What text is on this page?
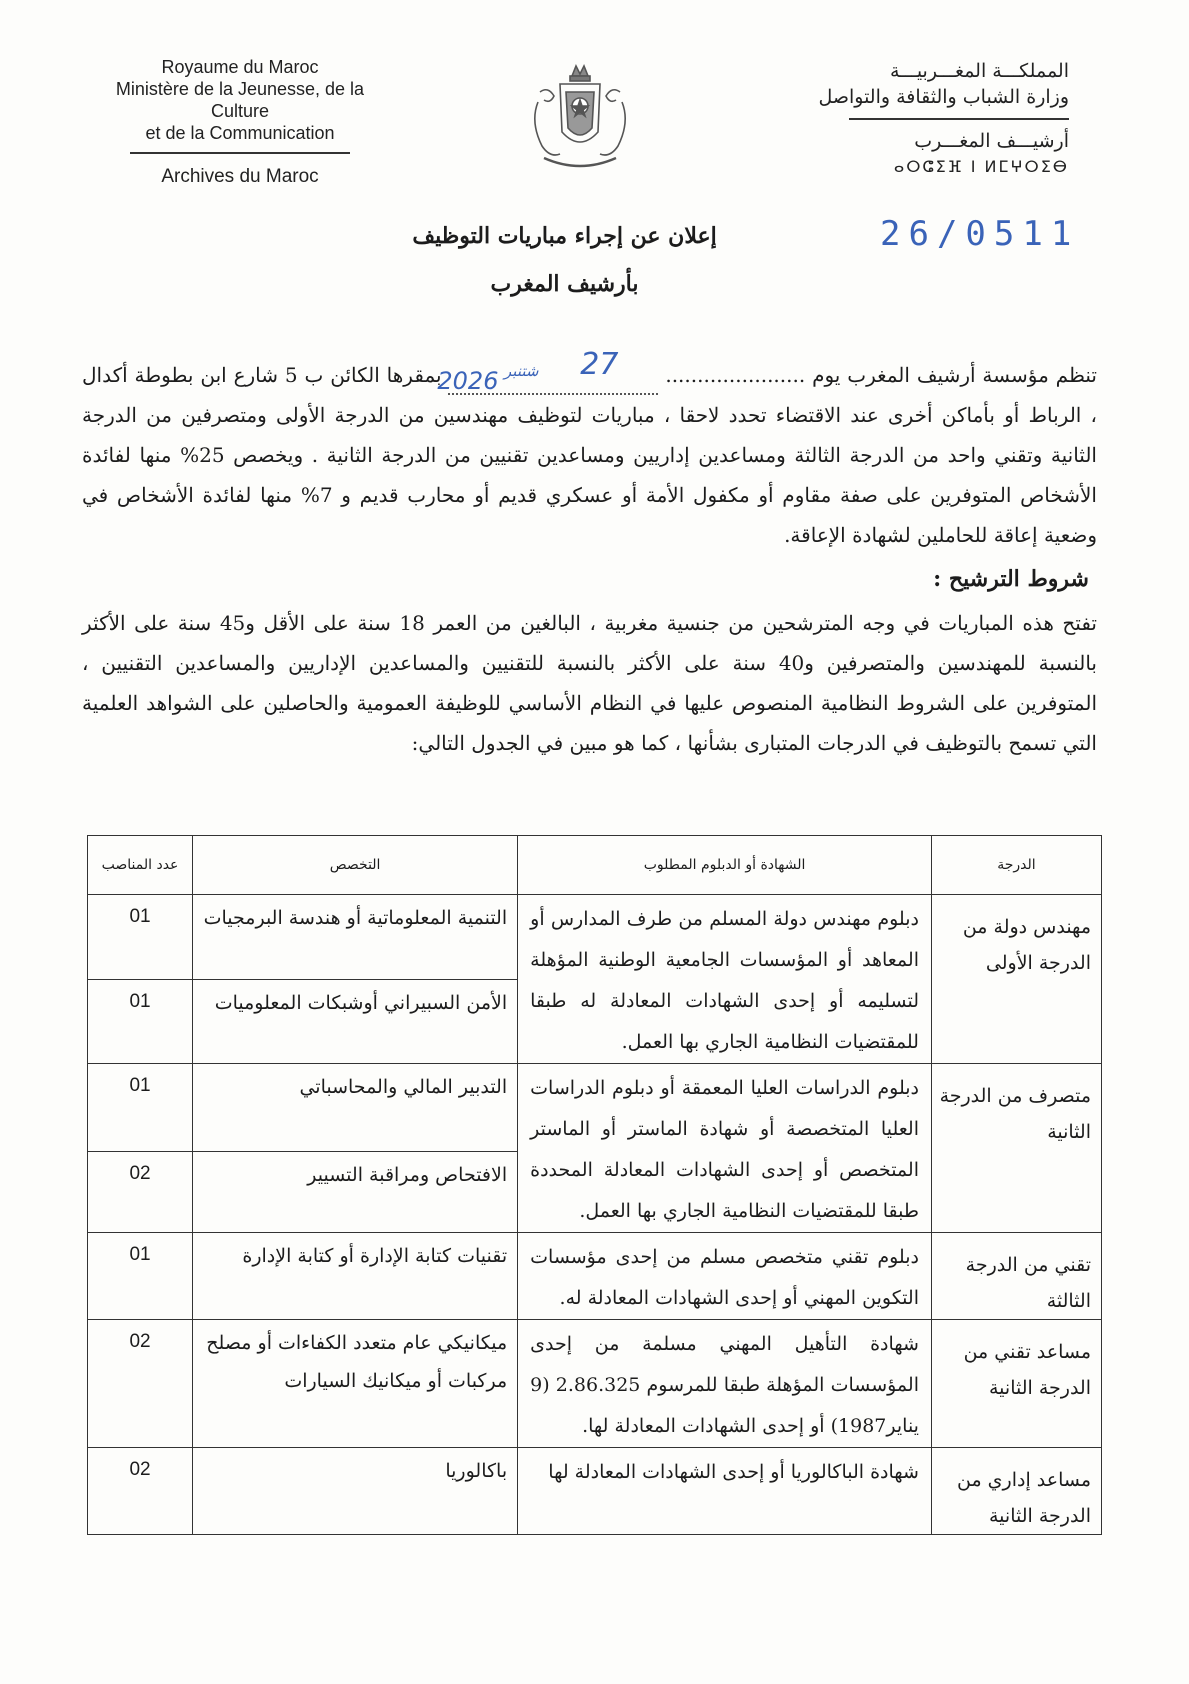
Royaume du Maroc
Ministère de la Jeunesse, de la Culture
et de la Communication
Archives du Maroc
المملكـــة المغـــربيـــة
وزارة الشباب والثقافة والتواصل
أرشيـــف المغـــرب
ⴰⵔⵛⵉⴼ ⵏ ⵍⵎⵖⵔⵉⴱ
26/0511
إعلان عن إجراء مباريات التوظيف
بأرشيف المغرب
تنظم مؤسسة أرشيف المغرب يوم ......................
27
شتنبر
2026
بمقرها الكائن ب 5 شارع ابن بطوطة أكدال ، الرباط أو بأماكن أخرى عند الاقتضاء تحدد لاحقا ، مباريات لتوظيف مهندسين من الدرجة الأولى ومتصرفين من الدرجة الثانية وتقني واحد من الدرجة الثالثة ومساعدين إداريين ومساعدين تقنيين من الدرجة الثانية . ويخصص 25% منها لفائدة الأشخاص المتوفرين على صفة مقاوم أو مكفول الأمة أو عسكري قديم أو محارب قديم و 7% منها لفائدة الأشخاص في وضعية إعاقة للحاملين لشهادة الإعاقة.
شروط الترشيح :
تفتح هذه المباريات في وجه المترشحين من جنسية مغربية ، البالغين من العمر 18 سنة على الأقل و45 سنة على الأكثر بالنسبة للمهندسين والمتصرفين و40 سنة على الأكثر بالنسبة للتقنيين والمساعدين الإداريين والمساعدين التقنيين ، المتوفرين على الشروط النظامية المنصوص عليها في النظام الأساسي للوظيفة العمومية والحاصلين على الشواهد العلمية التي تسمح بالتوظيف في الدرجات المتبارى بشأنها ، كما هو مبين في الجدول التالي:
الدرجة	الشهادة أو الدبلوم المطلوب	التخصص	عدد المناصب
مهندس دولة من الدرجة الأولى	دبلوم مهندس دولة المسلم من طرف المدارس أو المعاهد أو المؤسسات الجامعية الوطنية المؤهلة لتسليمه أو إحدى الشهادات المعادلة له طبقا للمقتضيات النظامية الجاري بها العمل.	التنمية المعلوماتية أو هندسة البرمجيات	01
		الأمن السبيراني أوشبكات المعلوميات	01
متصرف من الدرجة الثانية	دبلوم الدراسات العليا المعمقة أو دبلوم الدراسات العليا المتخصصة أو شهادة الماستر أو الماستر المتخصص أو إحدى الشهادات المعادلة المحددة طبقا للمقتضيات النظامية الجاري بها العمل.	التدبير المالي والمحاسباتي	01
		الافتحاص ومراقبة التسيير	02
تقني من الدرجة الثالثة	دبلوم تقني متخصص مسلم من إحدى مؤسسات التكوين المهني أو إحدى الشهادات المعادلة له.	تقنيات كتابة الإدارة أو كتابة الإدارة	01
مساعد تقني من الدرجة الثانية	شهادة التأهيل المهني مسلمة من إحدى المؤسسات المؤهلة طبقا للمرسوم 2.86.325 (9 يناير1987) أو إحدى الشهادات المعادلة لها.	ميكانيكي عام متعدد الكفاءات أو مصلح مركبات أو ميكانيك السيارات	02
مساعد إداري من الدرجة الثانية	شهادة الباكالوريا أو إحدى الشهادات المعادلة لها	باكالوريا	02
